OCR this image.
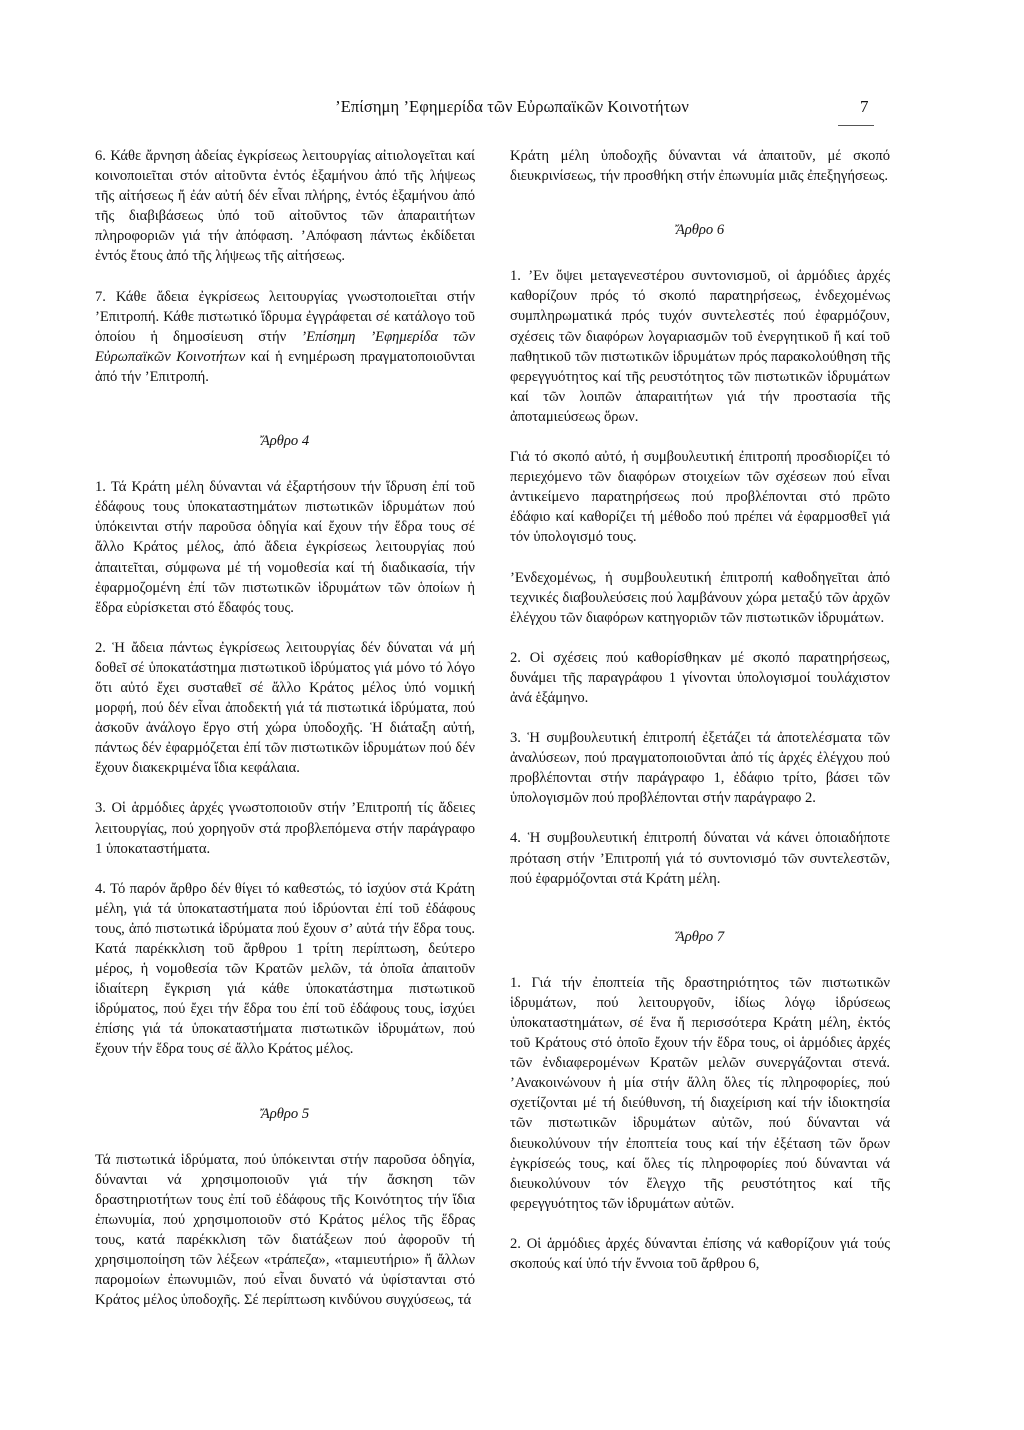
’Επίσημη ’Εφημερίδα τῶν Εὐρωπαϊκῶν Κοινοτήτων	7

6. Κάθε ἄρνηση ἀδείας ἐγκρίσεως λειτουργίας αἰτιολογεῖται καί κοινοποιεῖται στόν αἰτοῦντα ἐντός ἑξαμήνου ἀπό τῆς λήψεως τῆς αἰτήσεως ἤ ἐάν αὐτή δέν εἶναι πλήρης, ἐντός ἑξαμήνου ἀπό τῆς διαβιβάσεως ὑπό τοῦ αἰτοῦντος τῶν ἀπαραιτήτων πληροφοριῶν γιά τήν ἀπόφαση. ’Απόφαση πάντως ἐκδίδεται ἐντός ἔτους ἀπό τῆς λήψεως τῆς αἰτήσεως.

7. Κάθε ἄδεια ἐγκρίσεως λειτουργίας γνωστοποιεῖται στήν ’Επιτροπή. Κάθε πιστωτικό ἵδρυμα ἐγγράφεται σέ κατάλογο τοῦ ὁποίου ἡ δημοσίευση στήν ’Επίσημη ’Εφημερίδα τῶν Εὐρωπαϊκῶν Κοινοτήτων καί ἡ ενημέρωση πραγματοποιοῦνται ἀπό τήν ’Επιτροπή.

Ἄρθρο 4

1. Τά Κράτη μέλη δύνανται νά ἐξαρτήσουν τήν ἵδρυση ἐπί τοῦ ἐδάφους τους ὑποκαταστημάτων πιστωτικῶν ἱδρυμάτων πού ὑπόκεινται στήν παροῦσα ὁδηγία καί ἔχουν τήν ἕδρα τους σέ ἄλλο Κράτος μέλος, ἀπό ἄδεια ἐγκρίσεως λειτουργίας πού ἀπαιτεῖται, σύμφωνα μέ τή νομοθεσία καί τή διαδικασία, τήν ἐφαρμοζομένη ἐπί τῶν πιστωτικῶν ἱδρυμάτων τῶν ὁποίων ἡ ἕδρα εὑρίσκεται στό ἔδαφός τους.

2. Ἡ ἄδεια πάντως ἐγκρίσεως λειτουργίας δέν δύναται νά μή δοθεῖ σέ ὑποκατάστημα πιστωτικοῦ ἱδρύματος γιά μόνο τό λόγο ὅτι αὐτό ἔχει συσταθεῖ σέ ἄλλο Κράτος μέλος ὑπό νομική μορφή, πού δέν εἶναι ἀποδεκτή γιά τά πιστωτικά ἱδρύματα, πού ἀσκοῦν ἀνάλογο ἔργο στή χώρα ὑποδοχῆς. Ἡ διάταξη αὐτή, πάντως δέν ἐφαρμόζεται ἐπί τῶν πιστωτικῶν ἱδρυμάτων πού δέν ἔχουν διακεκριμένα ἴδια κεφάλαια.

3. Οἱ ἁρμόδιες ἀρχές γνωστοποιοῦν στήν ’Επιτροπή τίς ἄδειες λειτουργίας, πού χορηγοῦν στά προβλεπόμενα στήν παράγραφο 1 ὑποκαταστήματα.

4. Τό παρόν ἄρθρο δέν θίγει τό καθεστώς, τό ἰσχύον στά Κράτη μέλη, γιά τά ὑποκαταστήματα πού ἱδρύονται ἐπί τοῦ ἐδάφους τους, ἀπό πιστωτικά ἱδρύματα πού ἔχουν σ’ αὐτά τήν ἕδρα τους. Κατά παρέκκλιση τοῦ ἄρθρου 1 τρίτη περίπτωση, δεύτερο μέρος, ἡ νομοθεσία τῶν Κρατῶν μελῶν, τά ὁποῖα ἀπαιτοῦν ἰδιαίτερη ἔγκριση γιά κάθε ὑποκατάστημα πιστωτικοῦ ἱδρύματος, πού ἔχει τήν ἕδρα του ἐπί τοῦ ἐδάφους τους, ἰσχύει ἐπίσης γιά τά ὑποκαταστήματα πιστωτικῶν ἱδρυμάτων, πού ἔχουν τήν ἕδρα τους σέ ἄλλο Κράτος μέλος.

Ἄρθρο 5

Τά πιστωτικά ἱδρύματα, πού ὑπόκεινται στήν παροῦσα ὁδηγία, δύνανται νά χρησιμοποιοῦν γιά τήν ἄσκηση τῶν δραστηριοτήτων τους ἐπί τοῦ ἐδάφους τῆς Κοινότητος τήν ἴδια ἐπωνυμία, πού χρησιμοποιοῦν στό Κράτος μέλος τῆς ἕδρας τους, κατά παρέκκλιση τῶν διατάξεων πού ἀφοροῦν τή χρησιμοποίηση τῶν λέξεων «τράπεζα», «ταμιευτήριο» ἤ ἄλλων παρομοίων ἐπωνυμιῶν, πού εἶναι δυνατό νά ὑφίστανται στό Κράτος μέλος ὑποδοχῆς. Σέ περίπτωση κινδύνου συγχύσεως, τά

Κράτη μέλη ὑποδοχῆς δύνανται νά ἀπαιτοῦν, μέ σκοπό διευκρινίσεως, τήν προσθήκη στήν ἐπωνυμία μιᾶς ἐπεξηγήσεως.

Ἄρθρο 6

1. ’Εν ὄψει μεταγενεστέρου συντονισμοῦ, οἱ ἁρμόδιες ἀρχές καθορίζουν πρός τό σκοπό παρατηρήσεως, ἐνδεχομένως συμπληρωματικά πρός τυχόν συντελεστές πού ἐφαρμόζουν, σχέσεις τῶν διαφόρων λογαριασμῶν τοῦ ἐνεργητικοῦ ἤ καί τοῦ παθητικοῦ τῶν πιστωτικῶν ἱδρυμάτων πρός παρακολούθηση τῆς φερεγγυότητος καί τῆς ρευστότητος τῶν πιστωτικῶν ἱδρυμάτων καί τῶν λοιπῶν ἀπαραιτήτων γιά τήν προστασία τῆς ἀποταμιεύσεως ὅρων.

Γιά τό σκοπό αὐτό, ἡ συμβουλευτική ἐπιτροπή προσδιορίζει τό περιεχόμενο τῶν διαφόρων στοιχείων τῶν σχέσεων πού εἶναι ἀντικείμενο παρατηρήσεως πού προβλέπονται στό πρῶτο ἐδάφιο καί καθορίζει τή μέθοδο πού πρέπει νά ἐφαρμοσθεῖ γιά τόν ὑπολογισμό τους.

’Ενδεχομένως, ἡ συμβουλευτική ἐπιτροπή καθοδηγεῖται ἀπό τεχνικές διαβουλεύσεις πού λαμβάνουν χώρα μεταξύ τῶν ἀρχῶν ἐλέγχου τῶν διαφόρων κατηγοριῶν τῶν πιστωτικῶν ἱδρυμάτων.

2. Οἱ σχέσεις πού καθορίσθηκαν μέ σκοπό παρατηρήσεως, δυνάμει τῆς παραγράφου 1 γίνονται ὑπολογισμοί τουλάχιστον ἀνά ἑξάμηνο.

3. Ἡ συμβουλευτική ἐπιτροπή ἐξετάζει τά ἀποτελέσματα τῶν ἀναλύσεων, πού πραγματοποιοῦνται ἀπό τίς ἀρχές ἐλέγχου πού προβλέπονται στήν παράγραφο 1, ἐδάφιο τρίτο, βάσει τῶν ὑπολογισμῶν πού προβλέπονται στήν παράγραφο 2.

4. Ἡ συμβουλευτική ἐπιτροπή δύναται νά κάνει ὁποιαδήποτε πρόταση στήν ’Επιτροπή γιά τό συντονισμό τῶν συντελεστῶν, πού ἐφαρμόζονται στά Κράτη μέλη.

Ἄρθρο 7

1. Γιά τήν ἐποπτεία τῆς δραστηριότητος τῶν πιστωτικῶν ἱδρυμάτων, πού λειτουργοῦν, ἰδίως λόγῳ ἱδρύσεως ὑποκαταστημάτων, σέ ἕνα ἤ περισσότερα Κράτη μέλη, ἐκτός τοῦ Κράτους στό ὁποῖο ἔχουν τήν ἕδρα τους, οἱ ἁρμόδιες ἀρχές τῶν ἐνδιαφερομένων Κρατῶν μελῶν συνεργάζονται στενά. ’Ανακοινώνουν ἡ μία στήν ἄλλη ὅλες τίς πληροφορίες, πού σχετίζονται μέ τή διεύθυνση, τή διαχείριση καί τήν ἰδιοκτησία τῶν πιστωτικῶν ἱδρυμάτων αὐτῶν, πού δύνανται νά διευκολύνουν τήν ἐποπτεία τους καί τήν ἐξέταση τῶν ὅρων ἐγκρίσεώς τους, καί ὅλες τίς πληροφορίες πού δύνανται νά διευκολύνουν τόν ἔλεγχο τῆς ρευστότητος καί τῆς φερεγγυότητος τῶν ἱδρυμάτων αὐτῶν.

2. Οἱ ἁρμόδιες ἀρχές δύνανται ἐπίσης νά καθορίζουν γιά τούς σκοπούς καί ὑπό τήν ἔννοια τοῦ ἄρθρου 6,
